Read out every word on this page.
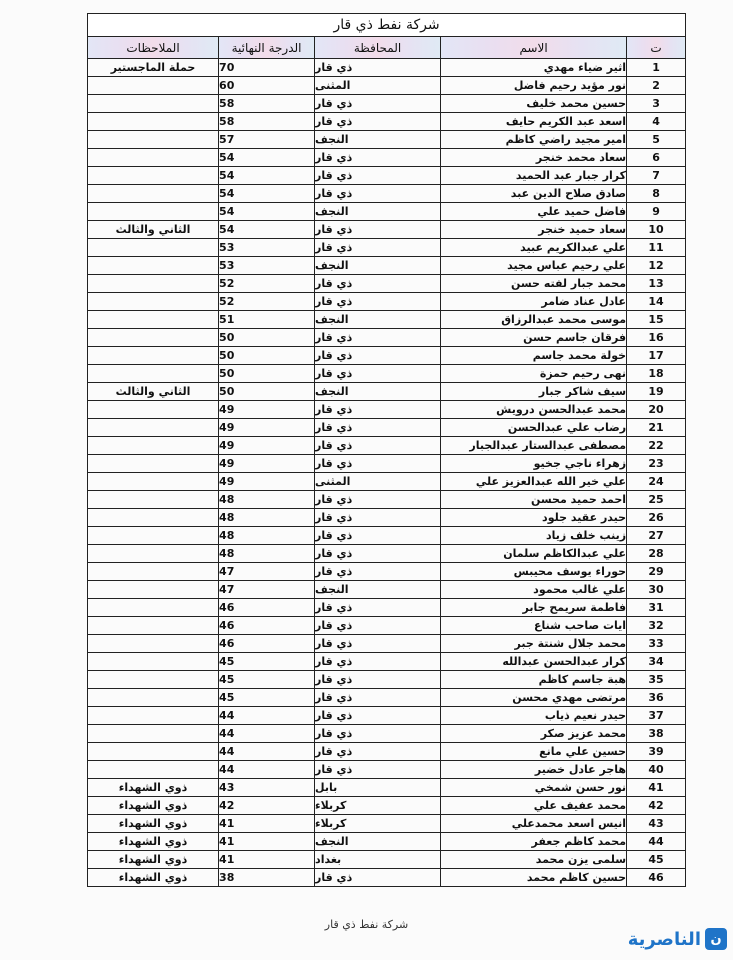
شركة نفط ذي قار				
ت	الاسم	المحافظة	الدرجة النهائية	الملاحظات
1	اثير ضياء مهدي	ذي قار	70	حملة الماجستير
2	نور مؤيد رحيم فاضل	المثنى	60	
3	حسين محمد خليف	ذي قار	58	
4	اسعد عبد الكريم حايف	ذي قار	58	
5	امير مجيد راضي كاظم	النجف	57	
6	سعاد محمد خنجر	ذي قار	54	
7	كرار جبار عبد الحميد	ذي قار	54	
8	صادق صلاح الدين عبد	ذي قار	54	
9	فاضل حميد علي	النجف	54	
10	سعاد حميد خنجر	ذي قار	54	الثاني والثالث
11	علي عبدالكريم عبيد	ذي قار	53	
12	علي رحيم عباس مجيد	النجف	53	
13	محمد جبار لفته حسن	ذي قار	52	
14	عادل عناد ضامر	ذي قار	52	
15	موسى محمد عبدالرزاق	النجف	51	
16	فرقان جاسم حسن	ذي قار	50	
17	خولة محمد جاسم	ذي قار	50	
18	نهى رحيم حمزة	ذي قار	50	
19	سيف شاكر جبار	النجف	50	الثاني والثالث
20	محمد عبدالحسن درويش	ذي قار	49	
21	رضاب علي عبدالحسن	ذي قار	49	
22	مصطفى عبدالستار عبدالجبار	ذي قار	49	
23	زهراء ناجي جخيو	ذي قار	49	
24	علي خير الله عبدالعزيز علي	المثنى	49	
25	احمد حميد محسن	ذي قار	48	
26	حيدر عقيد جلود	ذي قار	48	
27	زينب خلف زياد	ذي قار	48	
28	علي عبدالكاظم سلمان	ذي قار	48	
29	حوراء يوسف محيبس	ذي قار	47	
30	علي غالب محمود	النجف	47	
31	فاطمة سريمح جابر	ذي قار	46	
32	ايات صاحب شناع	ذي قار	46	
33	محمد جلال شنتة جبر	ذي قار	46	
34	كرار عبدالحسن عبدالله	ذي قار	45	
35	هبة جاسم كاظم	ذي قار	45	
36	مرتضى مهدي محسن	ذي قار	45	
37	حيدر نعيم ذياب	ذي قار	44	
38	محمد عزيز صكر	ذي قار	44	
39	حسين علي مانع	ذي قار	44	
40	هاجر عادل خضير	ذي قار	44	
41	نور حسن شمخي	بابل	43	ذوي الشهداء
42	محمد عفيف علي	كربلاء	42	ذوي الشهداء
43	انيس اسعد محمدعلي	كربلاء	41	ذوي الشهداء
44	محمد كاظم جعفر	النجف	41	ذوي الشهداء
45	سلمى يزن محمد	بغداد	41	ذوي الشهداء
46	حسين كاظم محمد	ذي قار	38	ذوي الشهداء
شركة نفط ذي قار
ن
الناصرية
